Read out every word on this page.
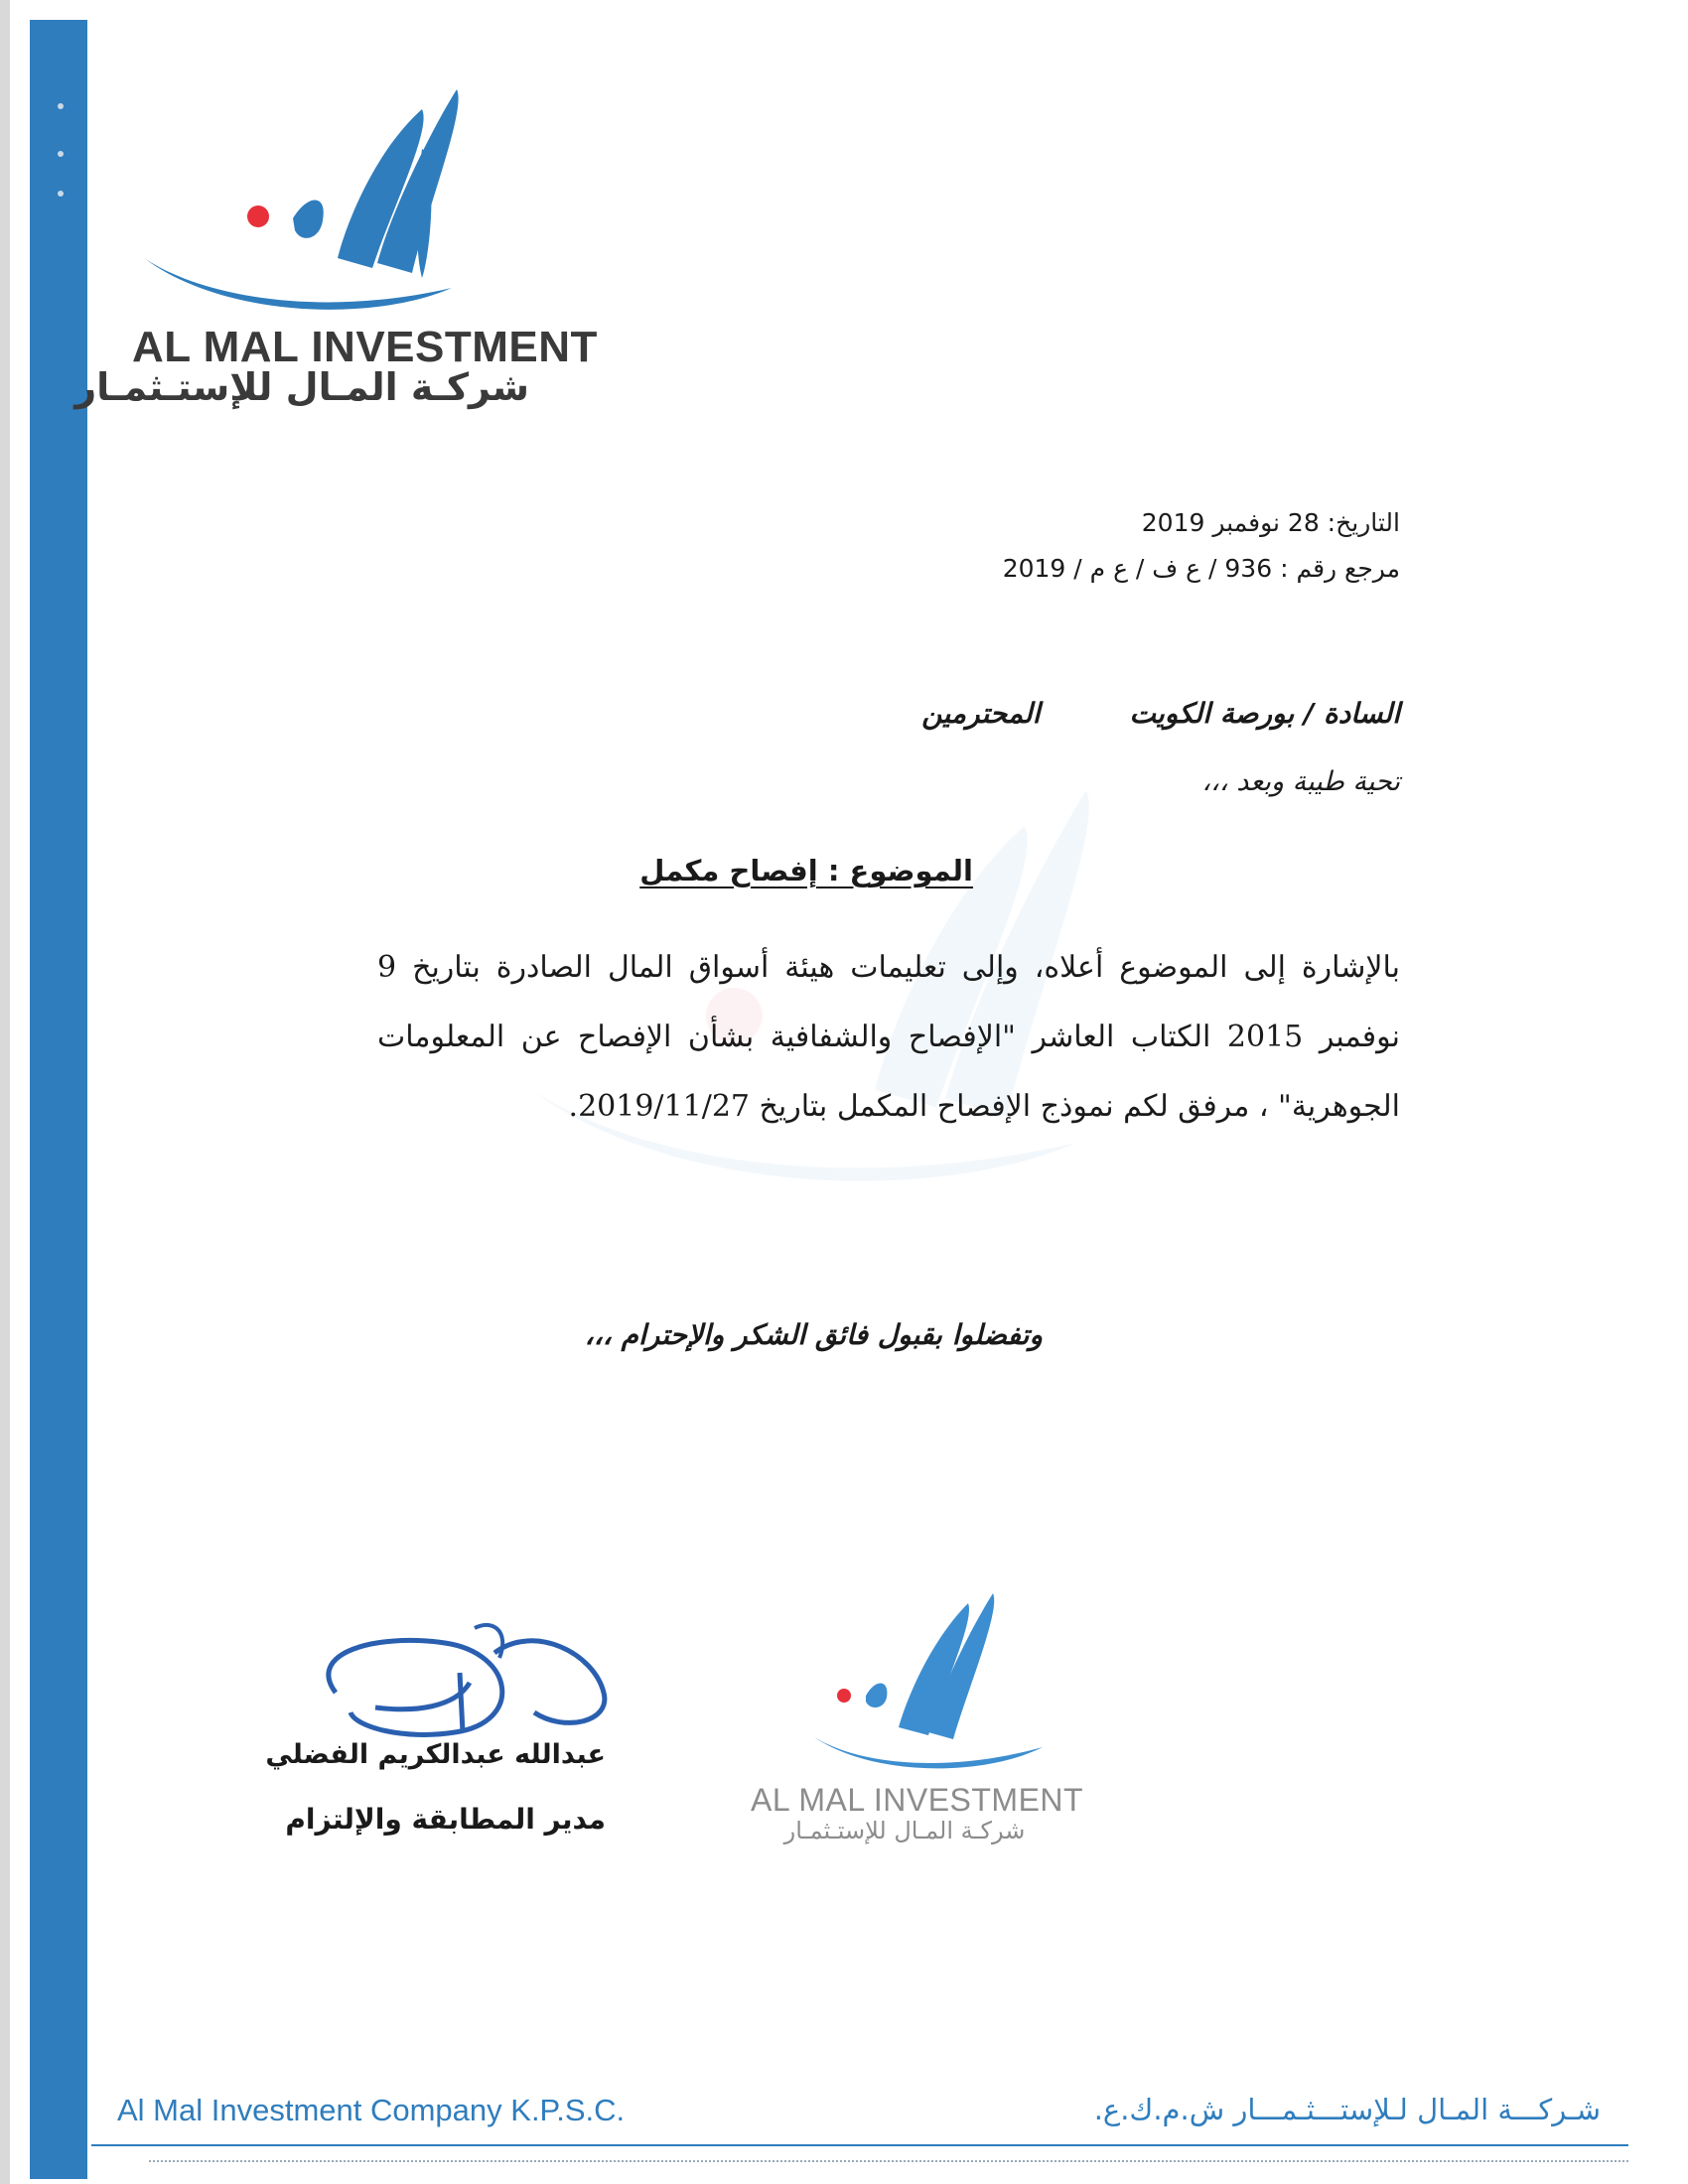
AL MAL INVESTMENT
شركـة المـال للإستـثمـار
التاريخ: 28 نوفمبر 2019
مرجع رقم : 936 / ع ف / ع م / 2019
السادة / بورصة الكويتالمحترمين
تحية طيبة وبعد ،،،
الموضوع : إفصاح مكمل
بالإشارة إلى الموضوع أعلاه، وإلى تعليمات هيئة أسواق المال الصادرة بتاريخ 9 نوفمبر 2015 الكتاب العاشر "الإفصاح والشفافية بشأن الإفصاح عن المعلومات الجوهرية" ، مرفق لكم نموذج الإفصاح المكمل بتاريخ 2019/11/27.
وتفضلوا بقبول فائق الشكر والإحترام ،،،
عبدالله عبدالكريم الفضلي
مدير المطابقة والإلتزام
AL MAL INVESTMENT
شركـة المـال للإستـثمـار
Al Mal Investment Company K.P.S.C.	شـركـــة المـال لـلإستـــثـمـــار ش.م.ك.ع.
